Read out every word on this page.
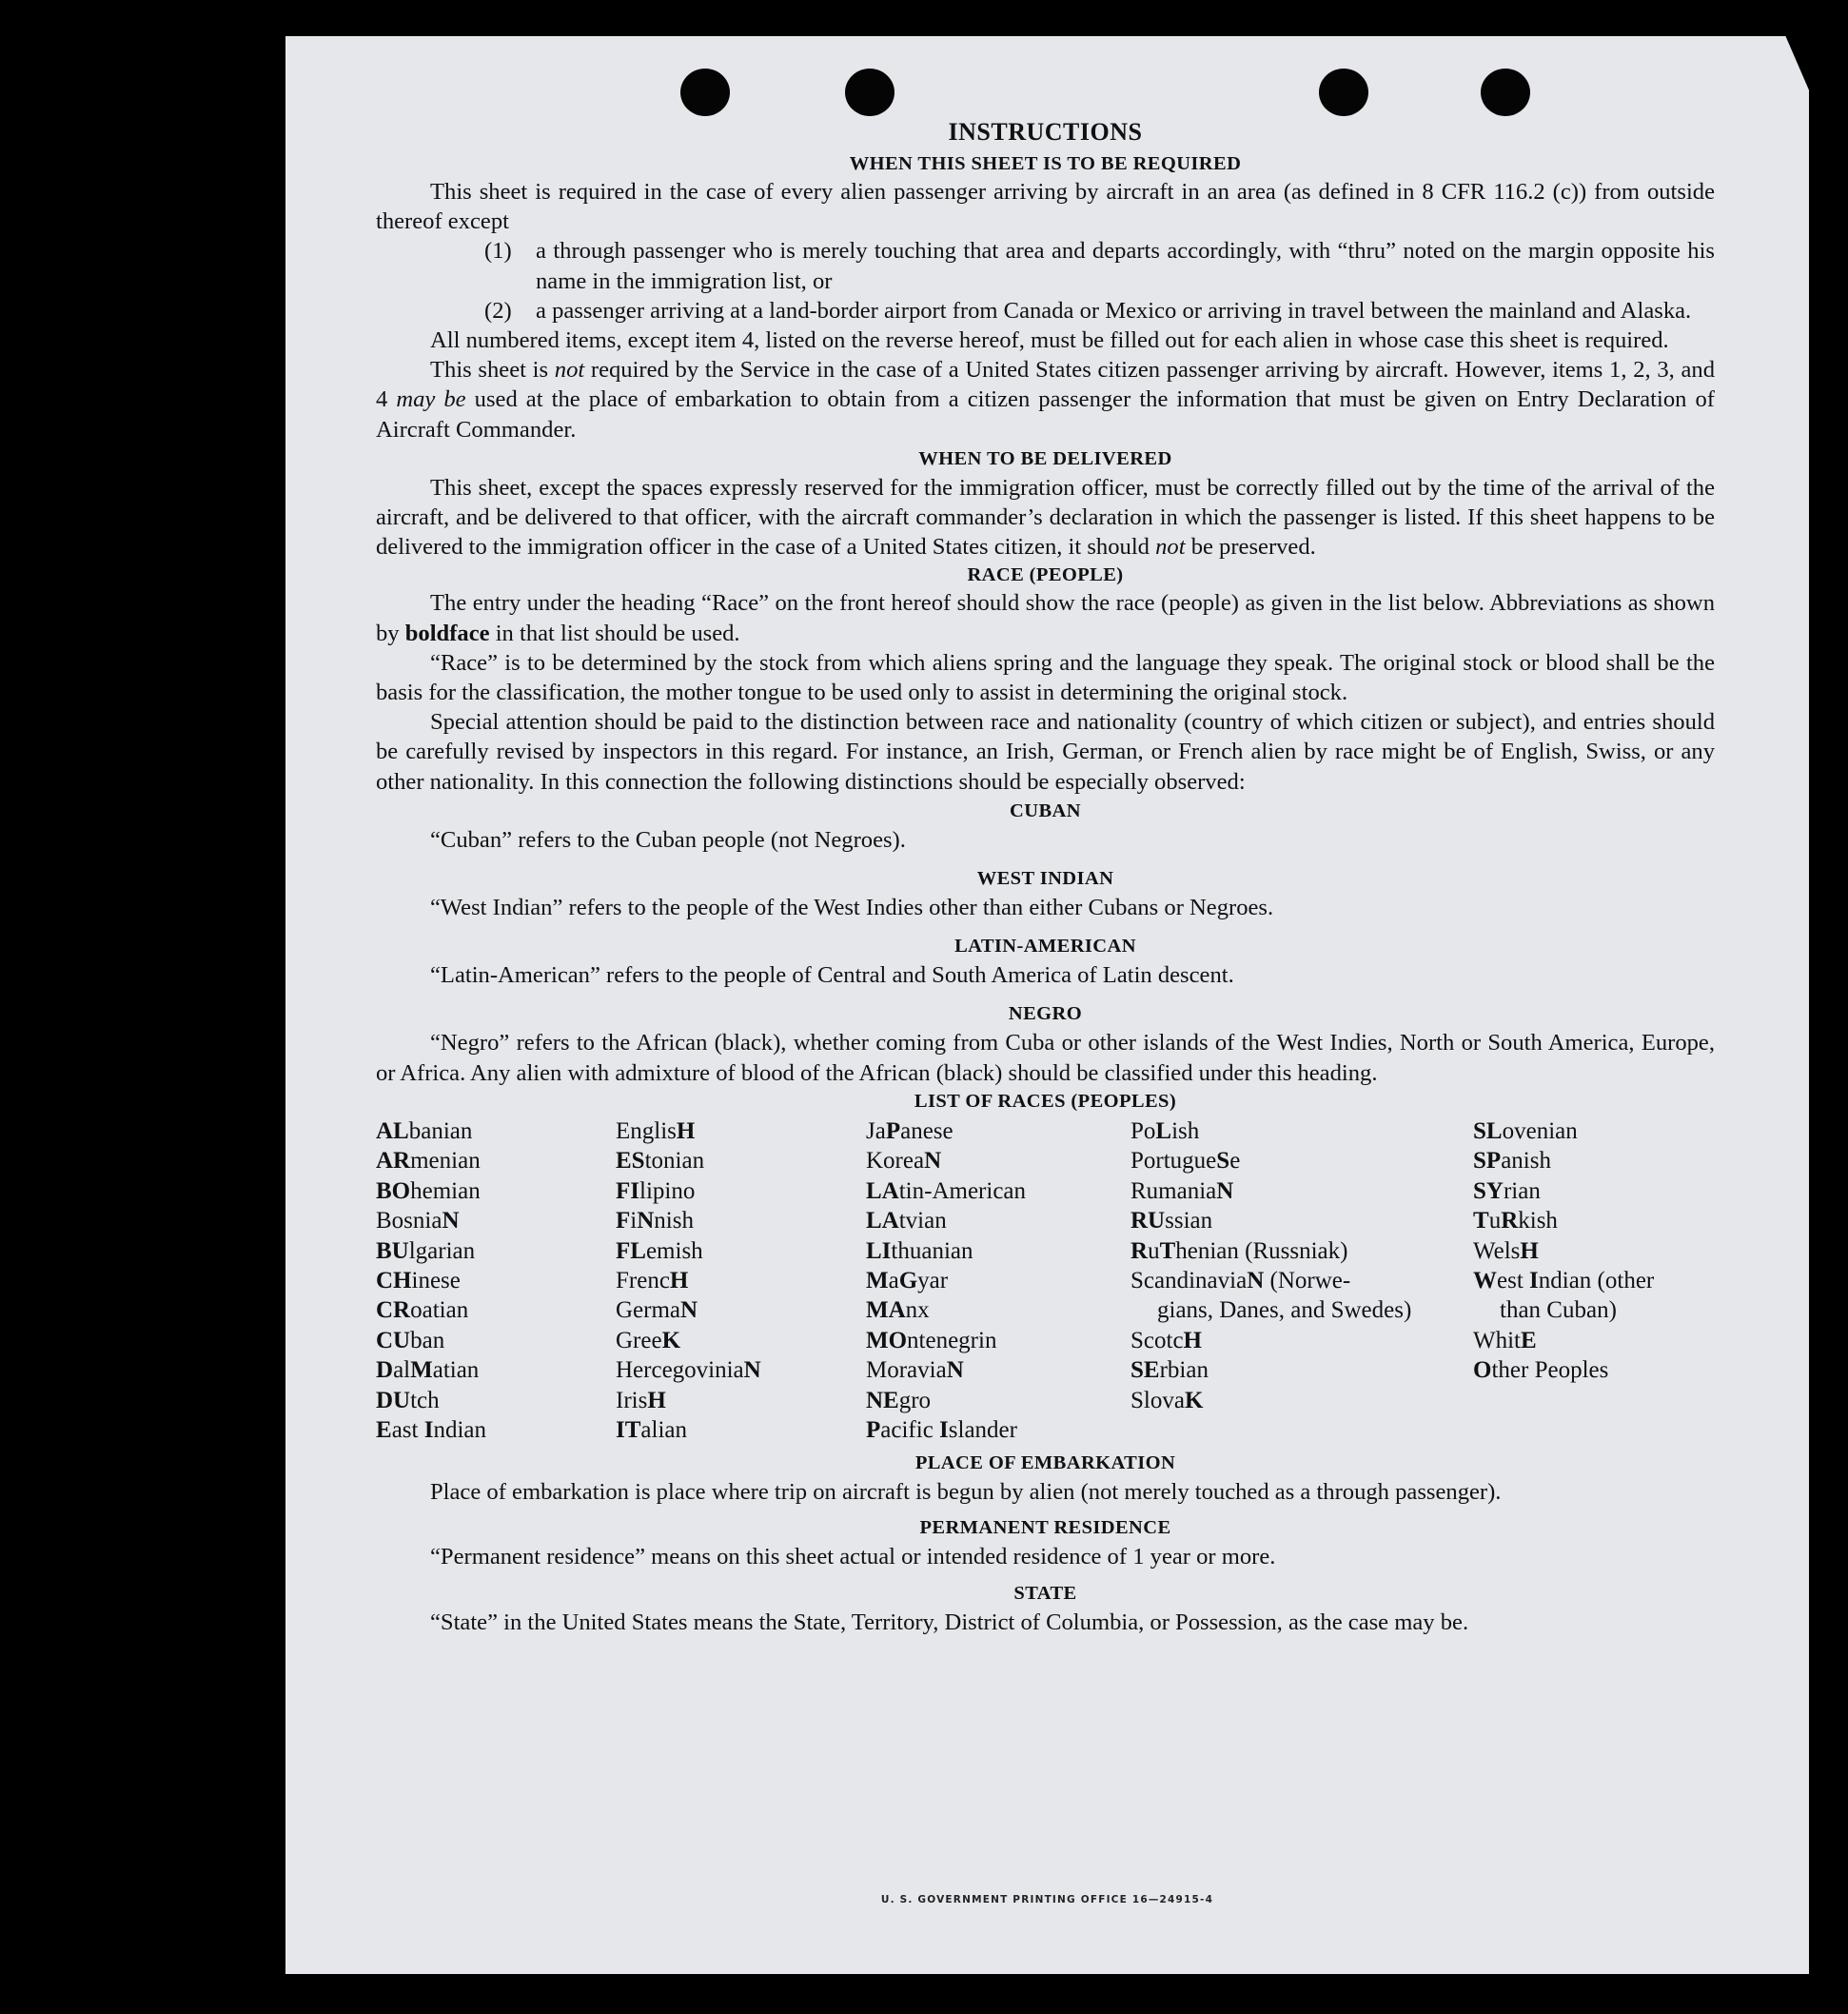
INSTRUCTIONS
WHEN THIS SHEET IS TO BE REQUIRED

This sheet is required in the case of every alien passenger arriving by aircraft in an area (as defined in 8 CFR 116.2 (c)) from outside thereof except

(1)	a through passenger who is merely touching that area and departs accordingly, with “thru” noted on the margin opposite his name in the immigration list, or
(2)	a passenger arriving at a land-border airport from Canada or Mexico or arriving in travel between the mainland and Alaska.

All numbered items, except item 4, listed on the reverse hereof, must be filled out for each alien in whose case this sheet is required.

This sheet is not required by the Service in the case of a United States citizen passenger arriving by aircraft. However, items 1, 2, 3, and 4 may be used at the place of embarkation to obtain from a citizen passenger the information that must be given on Entry Declaration of Aircraft Commander.

WHEN TO BE DELIVERED

This sheet, except the spaces expressly reserved for the immigration officer, must be correctly filled out by the time of the arrival of the aircraft, and be delivered to that officer, with the aircraft commander’s declaration in which the passenger is listed. If this sheet happens to be delivered to the immigration officer in the case of a United States citizen, it should not be preserved.

RACE (PEOPLE)

The entry under the heading “Race” on the front hereof should show the race (people) as given in the list below. Abbreviations as shown by boldface in that list should be used.

“Race” is to be determined by the stock from which aliens spring and the language they speak. The original stock or blood shall be the basis for the classification, the mother tongue to be used only to assist in determining the original stock.

Special attention should be paid to the distinction between race and nationality (country of which citizen or subject), and entries should be carefully revised by inspectors in this regard. For instance, an Irish, German, or French alien by race might be of English, Swiss, or any other nationality. In this connection the following distinctions should be especially observed:

CUBAN

“Cuban” refers to the Cuban people (not Negroes).

WEST INDIAN

“West Indian” refers to the people of the West Indies other than either Cubans or Negroes.

LATIN-AMERICAN

“Latin-American” refers to the people of Central and South America of Latin descent.

NEGRO

“Negro” refers to the African (black), whether coming from Cuba or other islands of the West Indies, North or South America, Europe, or Africa. Any alien with admixture of blood of the African (black) should be classified under this heading.

LIST OF RACES (PEOPLES)
ALbanian
ARmenian
BOhemian
BosniaN
BUlgarian
CHinese
CRoatian
CUban
DalMatian
DUtch
East Indian
EnglisH
EStonian
FIlipino
FiNnish
FLemish
FrencH
GermaN
GreeK
HercegoviniaN
IrisH
ITalian
JaPanese
KoreaN
LAtin-American
LAtvian
LIthuanian
MaGyar
MAnx
MOntenegrin
MoraviaN
NEgro
Pacific Islander
PoLish
PortugueSe
RumaniaN
RUssian
RuThenian (Russniak)
ScandinaviaN (Norwe-
gians, Danes, and Swedes)
ScotcH
SErbian
SlovaK
SLovenian
SPanish
SYrian
TuRkish
WelsH
West Indian (other
than Cuban)
WhitE
Other Peoples
PLACE OF EMBARKATION

Place of embarkation is place where trip on aircraft is begun by alien (not merely touched as a through passenger).

PERMANENT RESIDENCE

“Permanent residence” means on this sheet actual or intended residence of 1 year or more.

STATE

“State” in the United States means the State, Territory, District of Columbia, or Possession, as the case may be.

U. S. GOVERNMENT PRINTING OFFICE 16—24915-4
